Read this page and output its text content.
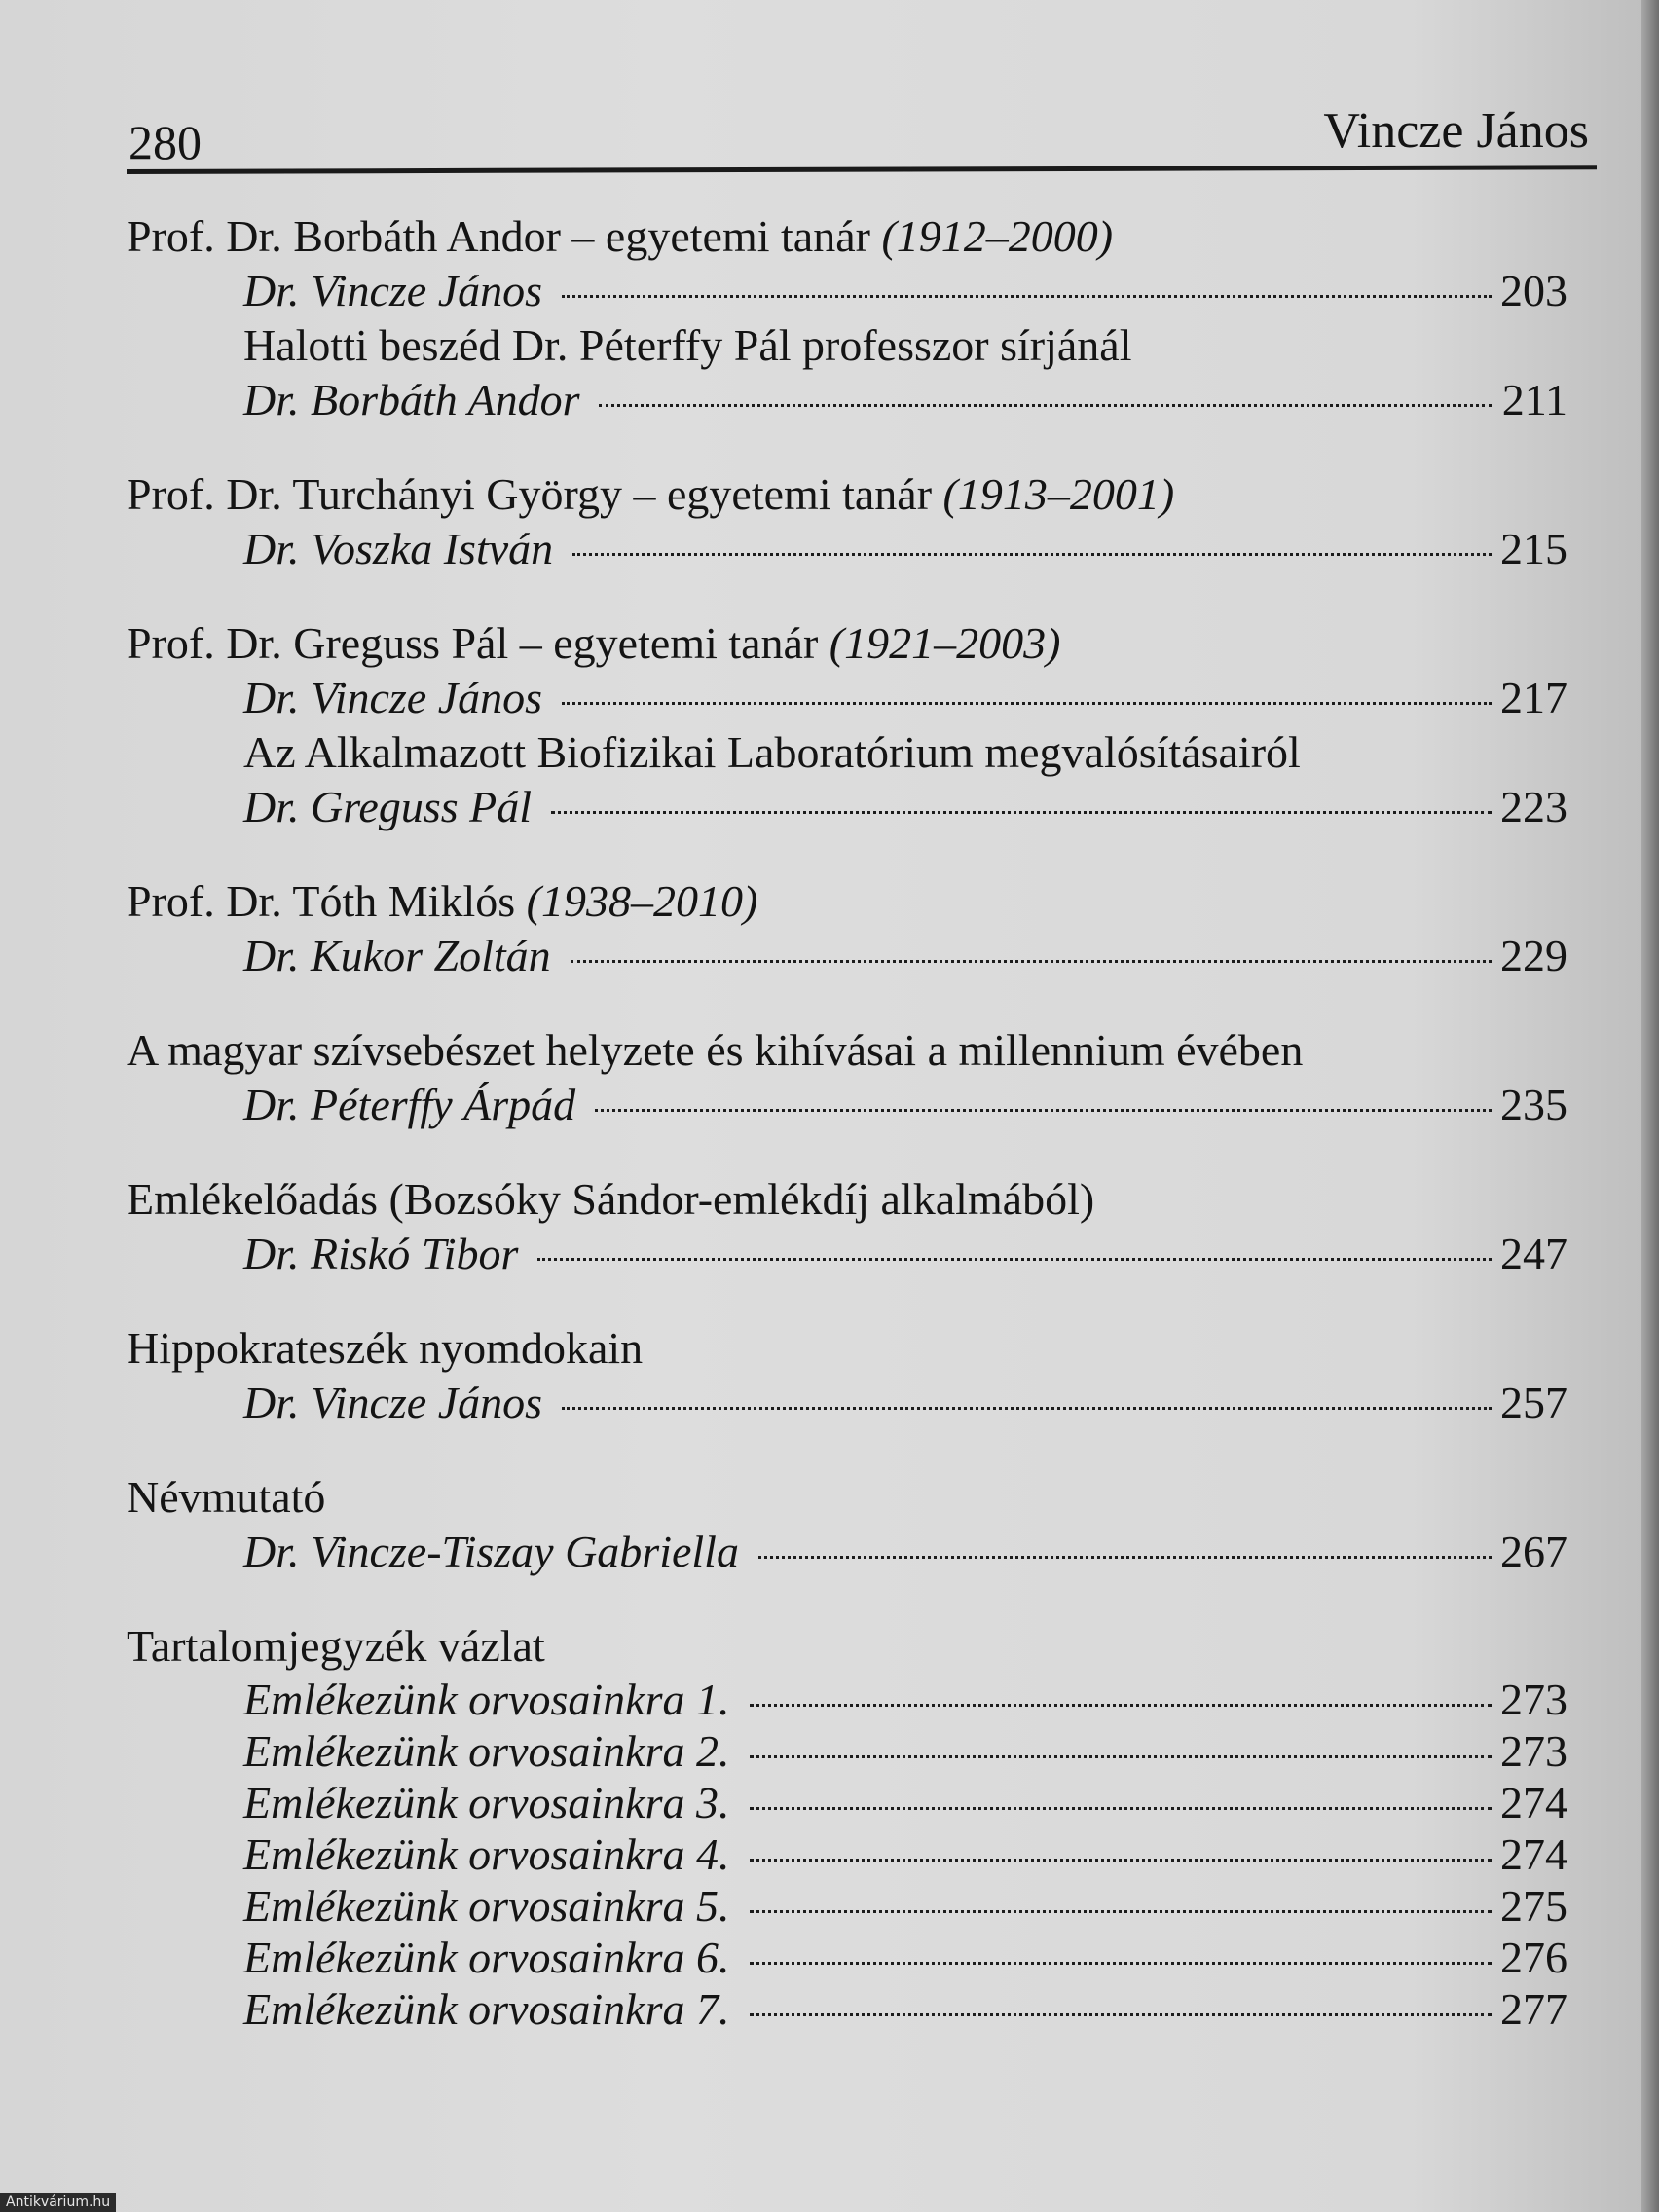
280	Vincze János
Prof. Dr. Borbáth Andor – egyetemi tanár (1912–2000)
Dr. Vincze János	203
Halotti beszéd Dr. Péterffy Pál professzor sírjánál
Dr. Borbáth Andor	211
Prof. Dr. Turchányi György – egyetemi tanár (1913–2001)
Dr. Voszka István	215
Prof. Dr. Greguss Pál – egyetemi tanár (1921–2003)
Dr. Vincze János	217
Az Alkalmazott Biofizikai Laboratórium megvalósításairól
Dr. Greguss Pál	223
Prof. Dr. Tóth Miklós (1938–2010)
Dr. Kukor Zoltán	229
A magyar szívsebészet helyzete és kihívásai a millennium évében
Dr. Péterffy Árpád	235
Emlékelőadás (Bozsóky Sándor-emlékdíj alkalmából)
Dr. Riskó Tibor	247
Hippokrateszék nyomdokain
Dr. Vincze János	257
Névmutató
Dr. Vincze-Tiszay Gabriella	267
Tartalomjegyzék vázlat
Emlékezünk orvosainkra 1.	273
Emlékezünk orvosainkra 2.	273
Emlékezünk orvosainkra 3.	274
Emlékezünk orvosainkra 4.	274
Emlékezünk orvosainkra 5.	275
Emlékezünk orvosainkra 6.	276
Emlékezünk orvosainkra 7.	277
Antikvárium.hu
